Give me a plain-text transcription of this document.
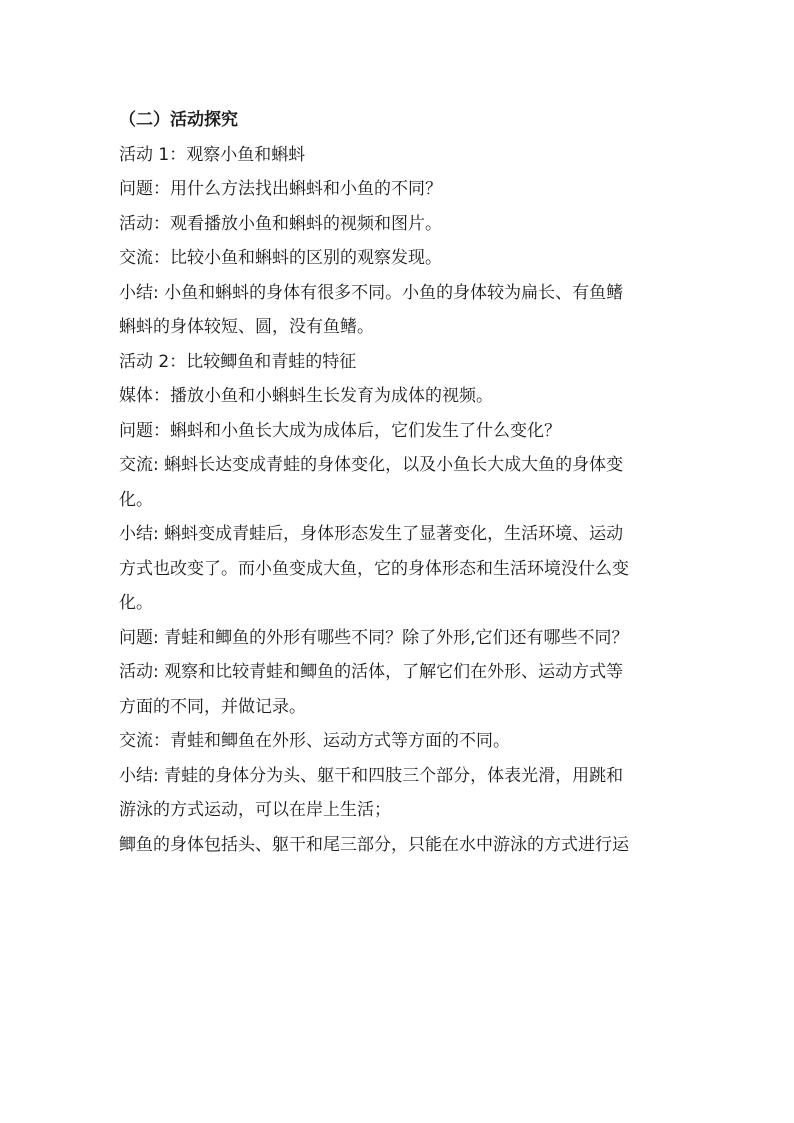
（二）活动探究

活动 1：观察小鱼和蝌蚪

问题：用什么方法找出蝌蚪和小鱼的不同？

活动：观看播放小鱼和蝌蚪的视频和图片。

交流：比较小鱼和蝌蚪的区别的观察发现。

小结: 小鱼和蝌蚪的身体有很多不同。小鱼的身体较为扁长、有鱼鳍

蝌蚪的身体较短、圆，没有鱼鳍。

活动 2：比较鲫鱼和青蛙的特征

媒体：播放小鱼和小蝌蚪生长发育为成体的视频。

问题：蝌蚪和小鱼长大成为成体后，它们发生了什么变化？

交流: 蝌蚪长达变成青蛙的身体变化，以及小鱼长大成大鱼的身体变

化。

小结: 蝌蚪变成青蛙后，身体形态发生了显著变化，生活环境、运动

方式也改变了。而小鱼变成大鱼，它的身体形态和生活环境没什么变

化。

问题: 青蛙和鲫鱼的外形有哪些不同？除了外形,它们还有哪些不同？

活动: 观察和比较青蛙和鲫鱼的活体，了解它们在外形、运动方式等

方面的不同，并做记录。

交流：青蛙和鲫鱼在外形、运动方式等方面的不同。

小结: 青蛙的身体分为头、躯干和四肢三个部分，体表光滑，用跳和

游泳的方式运动，可以在岸上生活；

鲫鱼的身体包括头、躯干和尾三部分，只能在水中游泳的方式进行运
